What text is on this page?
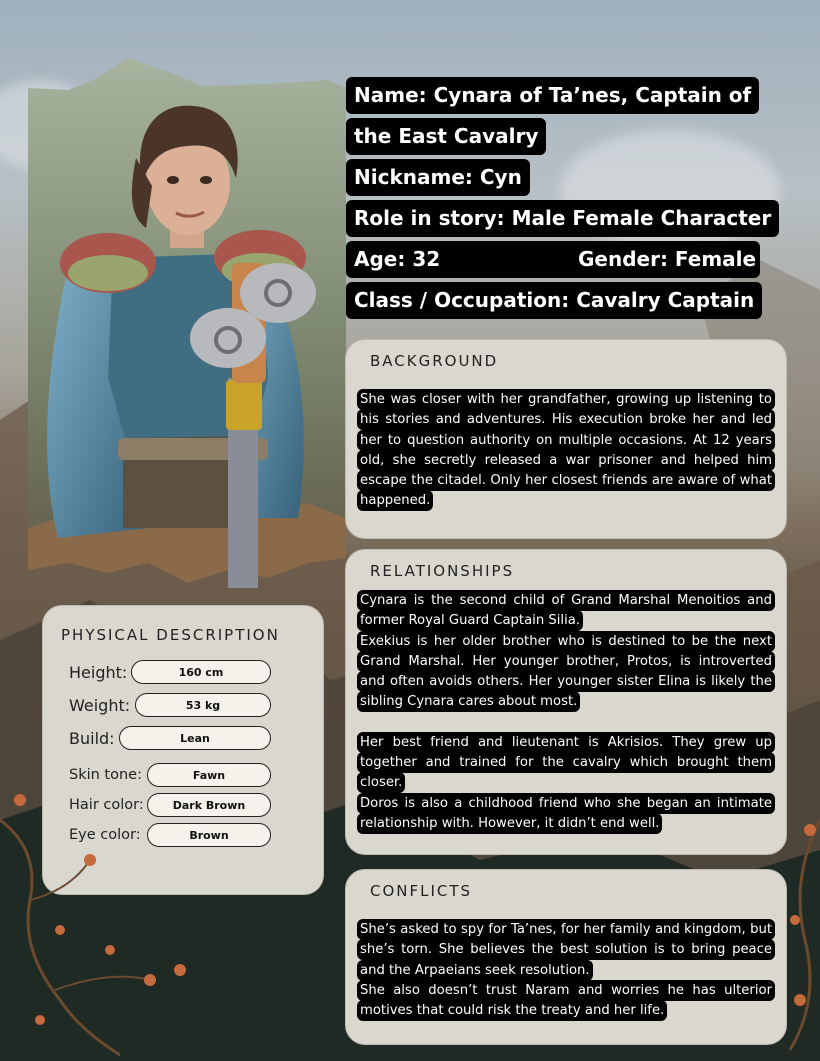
Name: Cynara of Ta’nes, Captain of
the East Cavalry
Nickname: Cyn
Role in story: Male Female Character
Age: 32	Gender: Female
Class / Occupation: Cavalry Captain
BACKGROUND

She was closer with her grandfather, growing up listening to his stories and adventures. His execution broke her and led her to question authority on multiple occasions. At 12 years old, she secretly released a war prisoner and helped him escape the citadel. Only her closest friends are aware of what happened.

RELATIONSHIPS

Cynara is the second child of Grand Marshal Menoitios and former Royal Guard Captain Silia.

Exekius is her older brother who is destined to be the next Grand Marshal. Her younger brother, Protos, is introverted and often avoids others. Her younger sister Elina is likely the sibling Cynara cares about most.

Her best friend and lieutenant is Akrisios. They grew up together and trained for the cavalry which brought them closer.

Doros is also a childhood friend who she began an intimate relationship with. However, it didn’t end well.

CONFLICTS

She’s asked to spy for Ta’nes, for her family and kingdom, but she’s torn. She believes the best solution is to bring peace and the Arpaeians seek resolution.

She also doesn’t trust Naram and worries he has ulterior motives that could risk the treaty and her life.

PHYSICAL DESCRIPTION
Height:	160 cm
Weight:	53 kg
Build:	Lean
Skin tone:	Fawn
Hair color:	Dark Brown
Eye color:	Brown
